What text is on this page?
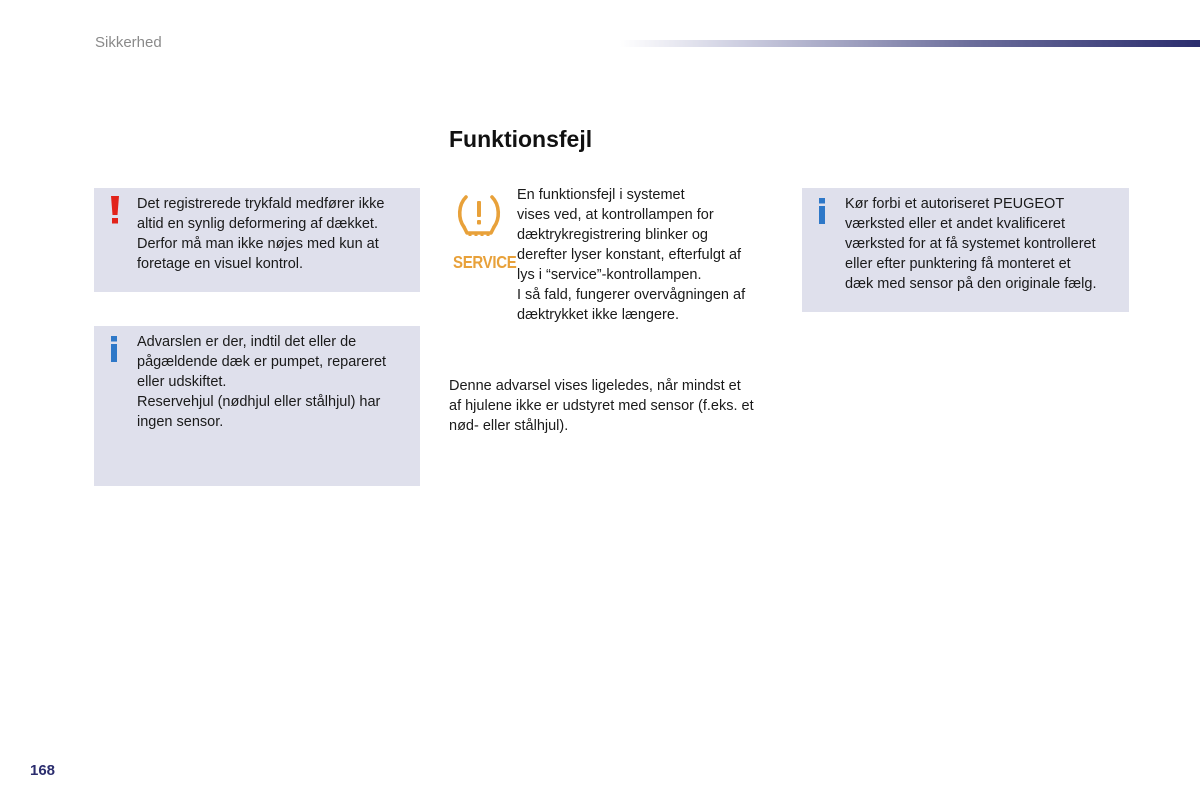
Sikkerhed
Funktionsfejl
Det registrerede trykfald medfører ikke
altid en synlig deformering af dækket.
Derfor må man ikke nøjes med kun at
foretage en visuel kontrol.
Advarslen er der, indtil det eller de
pågældende dæk er pumpet, repareret
eller udskiftet.
Reservehjul (nødhjul eller stålhjul) har
ingen sensor.
SERVICE
En funktionsfejl i systemet
vises ved, at kontrollampen for
dæktrykregistrering blinker og
derefter lyser konstant, efterfulgt af
lys i “service”-kontrollampen.
I så fald, fungerer overvågningen af
dæktrykket ikke længere.
Denne advarsel vises ligeledes, når mindst et
af hjulene ikke er udstyret med sensor (f.eks. et
nød- eller stålhjul).
Kør forbi et autoriseret PEUGEOT
værksted eller et andet kvalificeret
værksted for at få systemet kontrolleret
eller efter punktering få monteret et
dæk med sensor på den originale fælg.
168
